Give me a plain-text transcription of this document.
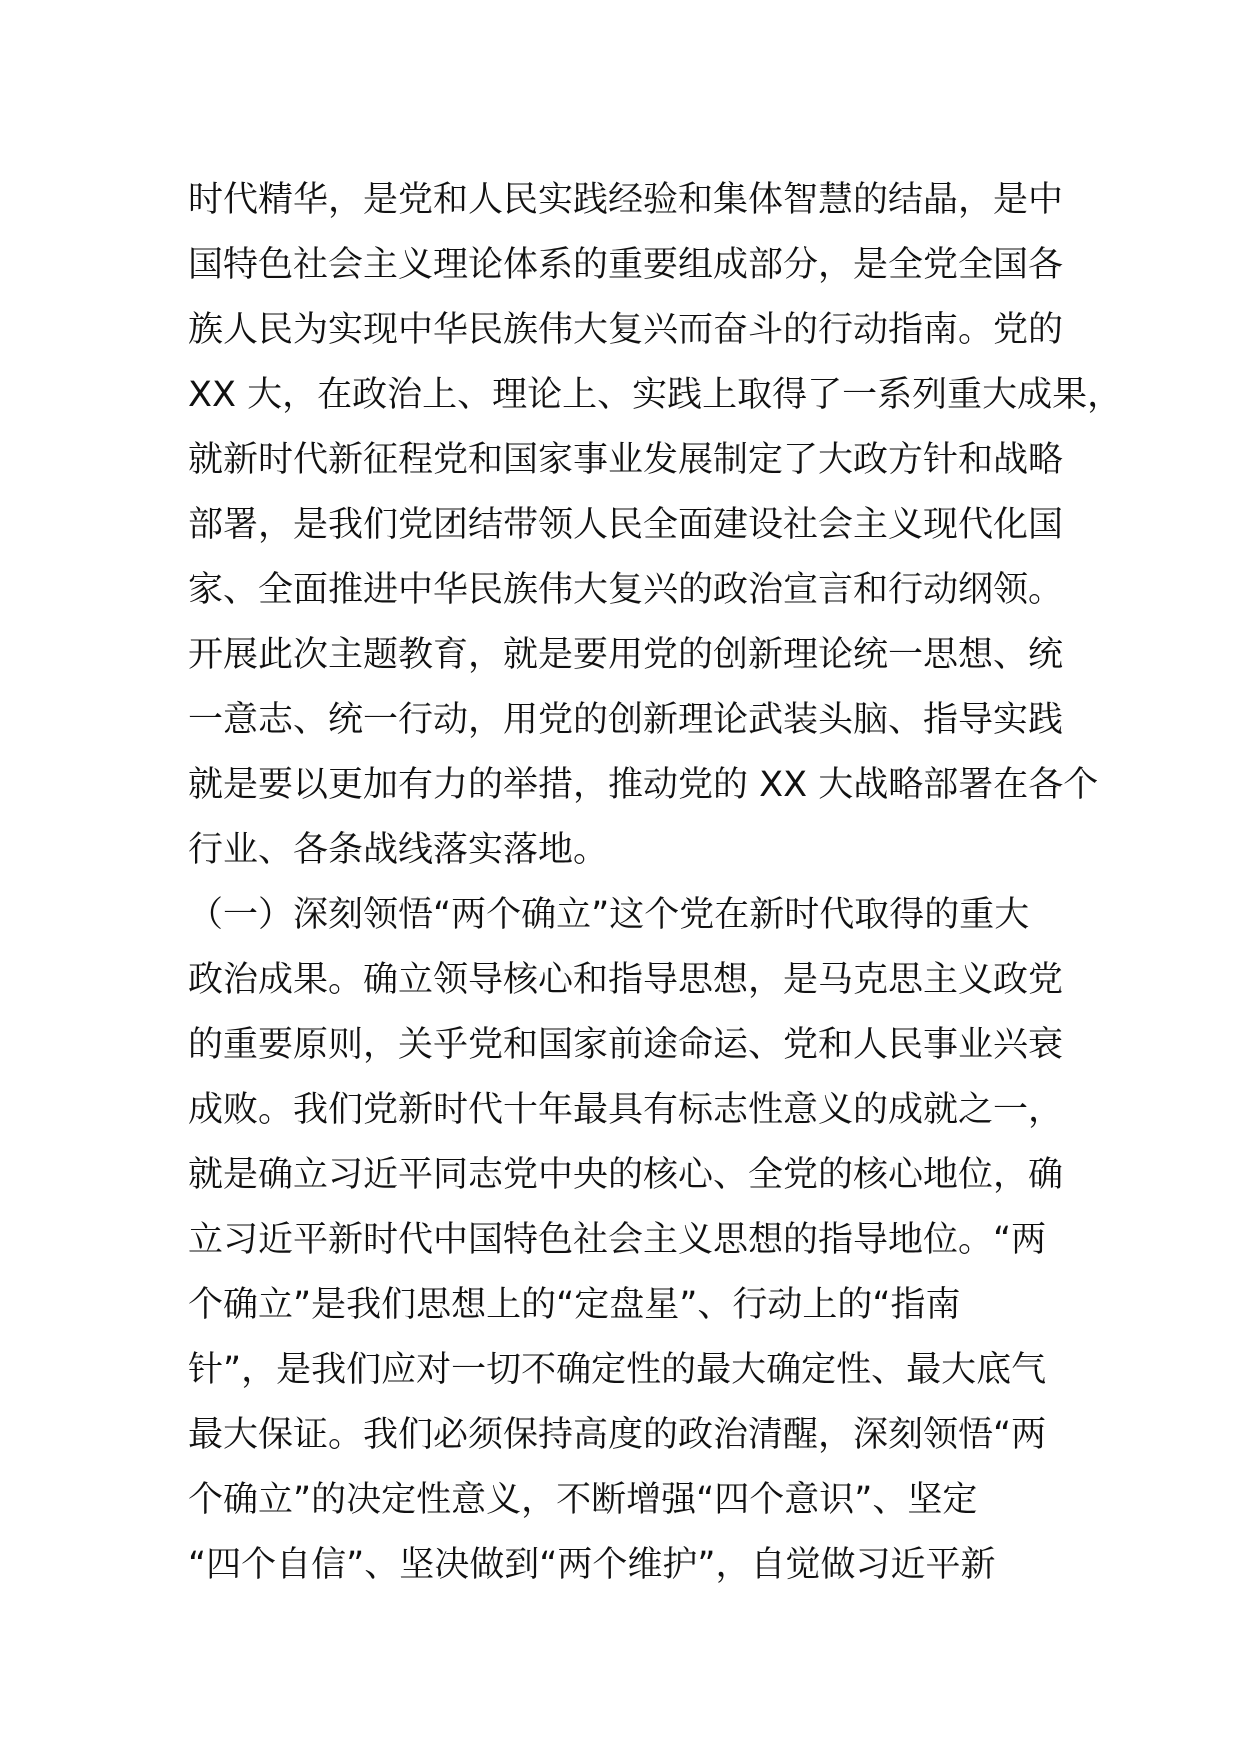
时代精华，是党和人民实践经验和集体智慧的结晶，是中
国特色社会主义理论体系的重要组成部分，是全党全国各
族人民为实现中华民族伟大复兴而奋斗的行动指南。党的
XX 大，在政治上、理论上、实践上取得了一系列重大成果，
就新时代新征程党和国家事业发展制定了大政方针和战略
部署，是我们党团结带领人民全面建设社会主义现代化国
家、全面推进中华民族伟大复兴的政治宣言和行动纲领。
开展此次主题教育，就是要用党的创新理论统一思想、统
一意志、统一行动，用党的创新理论武装头脑、指导实践
就是要以更加有力的举措，推动党的 XX 大战略部署在各个
行业、各条战线落实落地。
（一）深刻领悟“两个确立”这个党在新时代取得的重大
政治成果。确立领导核心和指导思想，是马克思主义政党
的重要原则，关乎党和国家前途命运、党和人民事业兴衰
成败。我们党新时代十年最具有标志性意义的成就之一，
就是确立习近平同志党中央的核心、全党的核心地位，确
立习近平新时代中国特色社会主义思想的指导地位。“两
个确立”是我们思想上的“定盘星”、行动上的“指南
针”，是我们应对一切不确定性的最大确定性、最大底气
最大保证。我们必须保持高度的政治清醒，深刻领悟“两
个确立”的决定性意义，不断增强“四个意识”、坚定
“四个自信”、坚决做到“两个维护”，自觉做习近平新
